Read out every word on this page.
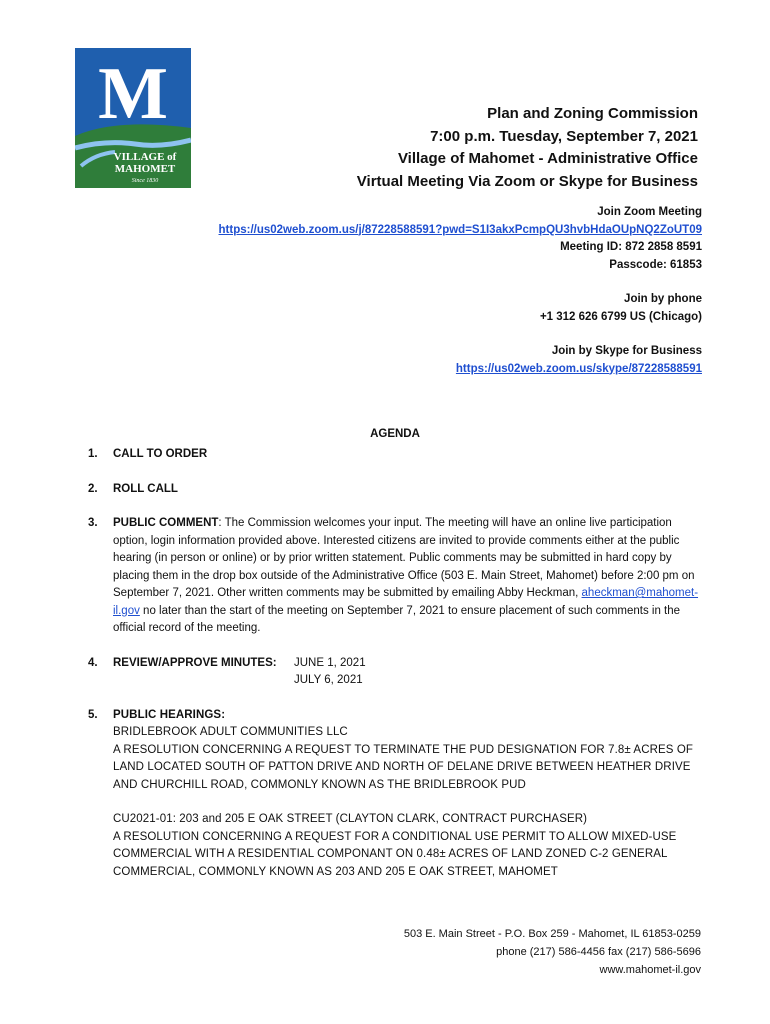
M
VILLAGE of
MAHOMET
Since 1830
Plan and Zoning Commission
7:00 p.m. Tuesday, September 7, 2021
Village of Mahomet - Administrative Office
Virtual Meeting Via Zoom or Skype for Business
Join Zoom Meeting
https://us02web.zoom.us/j/87228588591?pwd=S1I3akxPcmpQU3hvbHdaOUpNQ2ZoUT09
Meeting ID: 872 2858 8591
Passcode: 61853
Join by phone
+1 312 626 6799 US (Chicago)
Join by Skype for Business
https://us02web.zoom.us/skype/87228588591
AGENDA
1.	CALL TO ORDER
2.	ROLL CALL
3.	PUBLIC COMMENT: The Commission welcomes your input. The meeting will have an online live participation option, login information provided above. Interested citizens are invited to provide comments either at the public hearing (in person or online) or by prior written statement. Public comments may be submitted in hard copy by placing them in the drop box outside of the Administrative Office (503 E. Main Street, Mahomet) before 2:00 pm on September 7, 2021. Other written comments may be submitted by emailing Abby Heckman, aheckman@mahomet-il.gov no later than the start of the meeting on September 7, 2021 to ensure placement of such comments in the official record of the meeting.
4.	REVIEW/APPROVE MINUTES:	JUNE 1, 2021
JULY 6, 2021
5.	PUBLIC HEARINGS:
BRIDLEBROOK ADULT COMMUNITIES LLC
A RESOLUTION CONCERNING A REQUEST TO TERMINATE THE PUD DESIGNATION FOR 7.8± ACRES OF LAND LOCATED SOUTH OF PATTON DRIVE AND NORTH OF DELANE DRIVE BETWEEN HEATHER DRIVE AND CHURCHILL ROAD, COMMONLY KNOWN AS THE BRIDLEBROOK PUD
CU2021-01: 203 and 205 E OAK STREET (CLAYTON CLARK, CONTRACT PURCHASER)
A RESOLUTION CONCERNING A REQUEST FOR A CONDITIONAL USE PERMIT TO ALLOW MIXED-USE COMMERCIAL WITH A RESIDENTIAL COMPONANT ON 0.48± ACRES OF LAND ZONED C-2 GENERAL COMMERCIAL, COMMONLY KNOWN AS 203 AND 205 E OAK STREET, MAHOMET
503 E. Main Street - P.O. Box 259 - Mahomet, IL 61853-0259
phone (217) 586-4456 fax (217) 586-5696
www.mahomet-il.gov
